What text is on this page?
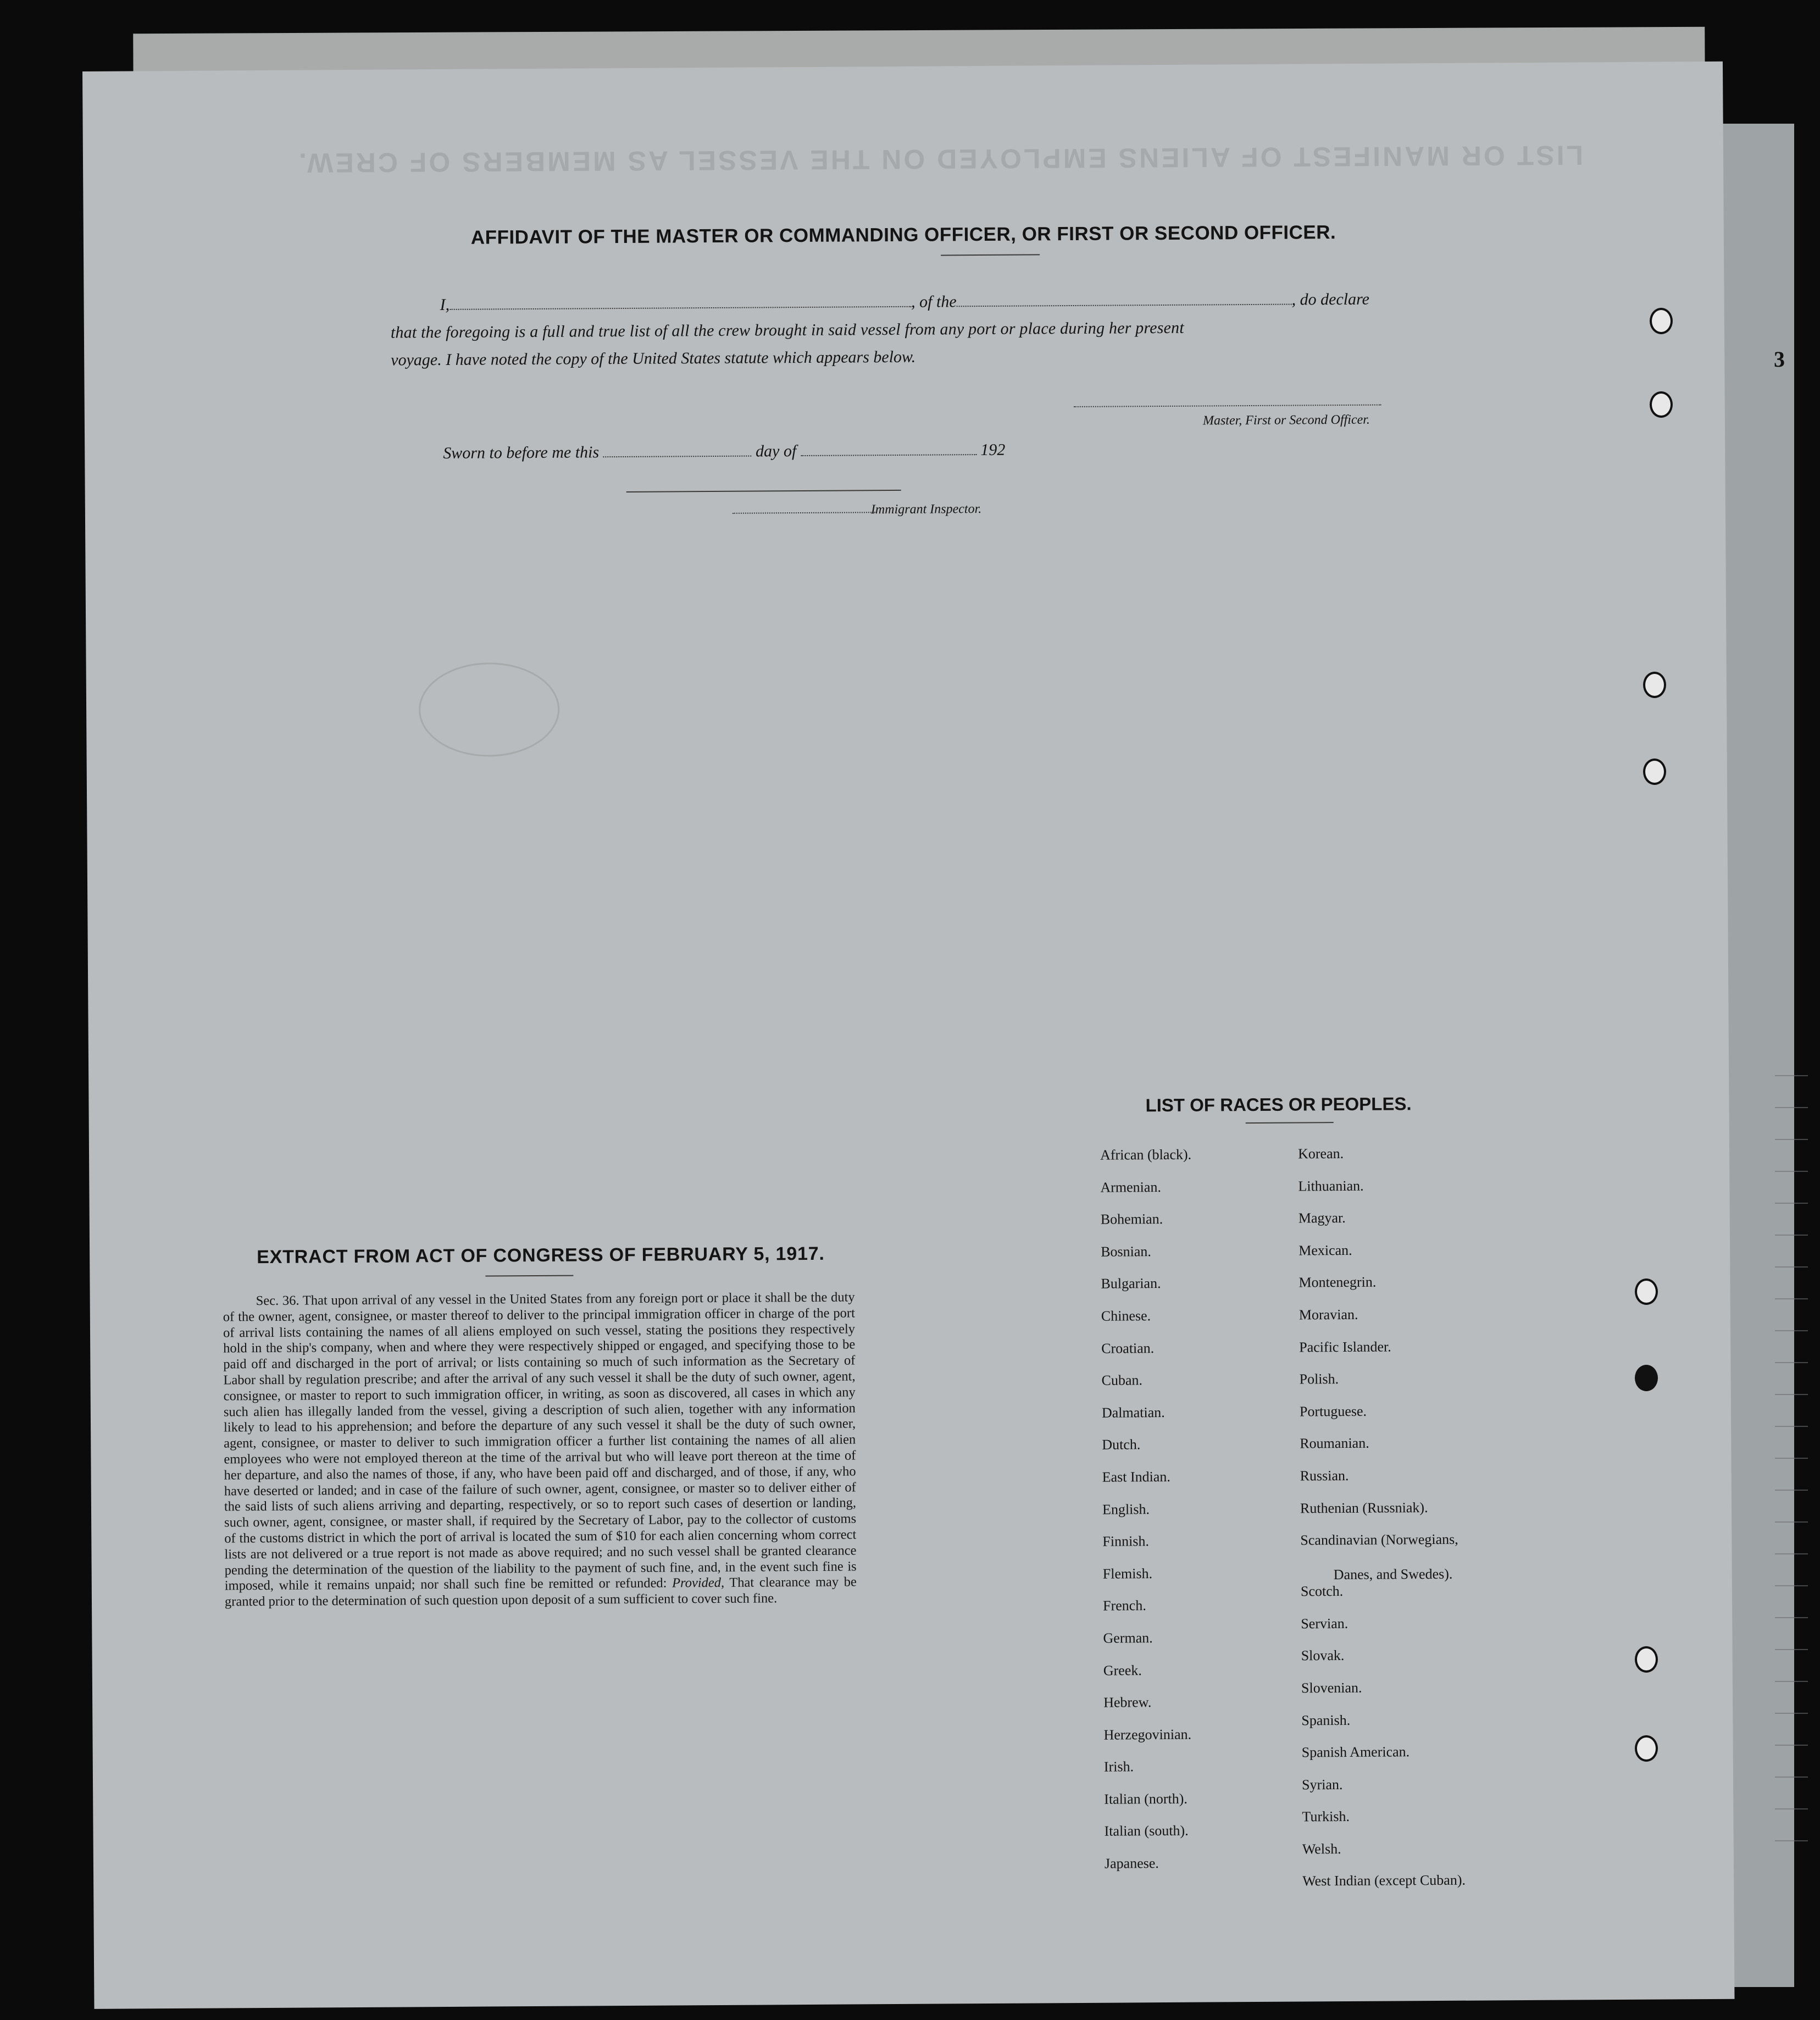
3
LIST OR MANIFEST OF ALIENS EMPLOYED ON THE VESSEL AS MEMBERS OF CREW.
AFFIDAVIT OF THE MASTER OR COMMANDING OFFICER, OR FIRST OR SECOND OFFICER.
I,	, of the	, do declare
that the foregoing is a full and true list of all the crew brought in said vessel from any port or place during her present
voyage. I have noted the copy of the United States statute which appears below.
Master, First or Second Officer.
Sworn to before me this	day of	192
Immigrant Inspector.
EXTRACT FROM ACT OF CONGRESS OF FEBRUARY 5, 1917.
Sec. 36. That upon arrival of any vessel in the United States from any foreign port or place it shall be the duty of the owner, agent, consignee, or master thereof to deliver to the principal immigration officer in charge of the port of arrival lists containing the names of all aliens employed on such vessel, stating the positions they respectively hold in the ship's company, when and where they were respectively shipped or engaged, and specifying those to be paid off and discharged in the port of arrival; or lists containing so much of such information as the Secretary of Labor shall by regulation prescribe; and after the arrival of any such vessel it shall be the duty of such owner, agent, consignee, or master to report to such immigration officer, in writing, as soon as discovered, all cases in which any such alien has illegally landed from the vessel, giving a description of such alien, together with any information likely to lead to his apprehension; and before the departure of any such vessel it shall be the duty of such owner, agent, consignee, or master to deliver to such immigration officer a further list containing the names of all alien employees who were not employed thereon at the time of the arrival but who will leave port thereon at the time of her departure, and also the names of those, if any, who have been paid off and discharged, and of those, if any, who have deserted or landed; and in case of the failure of such owner, agent, consignee, or master so to deliver either of the said lists of such aliens arriving and departing, respectively, or so to report such cases of desertion or landing, such owner, agent, consignee, or master shall, if required by the Secretary of Labor, pay to the collector of customs of the customs district in which the port of arrival is located the sum of $10 for each alien concerning whom correct lists are not delivered or a true report is not made as above required; and no such vessel shall be granted clearance pending the determination of the question of the liability to the payment of such fine, and, in the event such fine is imposed, while it remains unpaid; nor shall such fine be remitted or refunded: Provided, That clearance may be granted prior to the determination of such question upon deposit of a sum sufficient to cover such fine.
LIST OF RACES OR PEOPLES.
African (black).
Armenian.
Bohemian.
Bosnian.
Bulgarian.
Chinese.
Croatian.
Cuban.
Dalmatian.
Dutch.
East Indian.
English.
Finnish.
Flemish.
French.
German.
Greek.
Hebrew.
Herzegovinian.
Irish.
Italian (north).
Italian (south).
Japanese.
Korean.
Lithuanian.
Magyar.
Mexican.
Montenegrin.
Moravian.
Pacific Islander.
Polish.
Portuguese.
Roumanian.
Russian.
Ruthenian (Russniak).
Scandinavian (Norwegians,
Danes, and Swedes).
Scotch.
Servian.
Slovak.
Slovenian.
Spanish.
Spanish American.
Syrian.
Turkish.
Welsh.
West Indian (except Cuban).
